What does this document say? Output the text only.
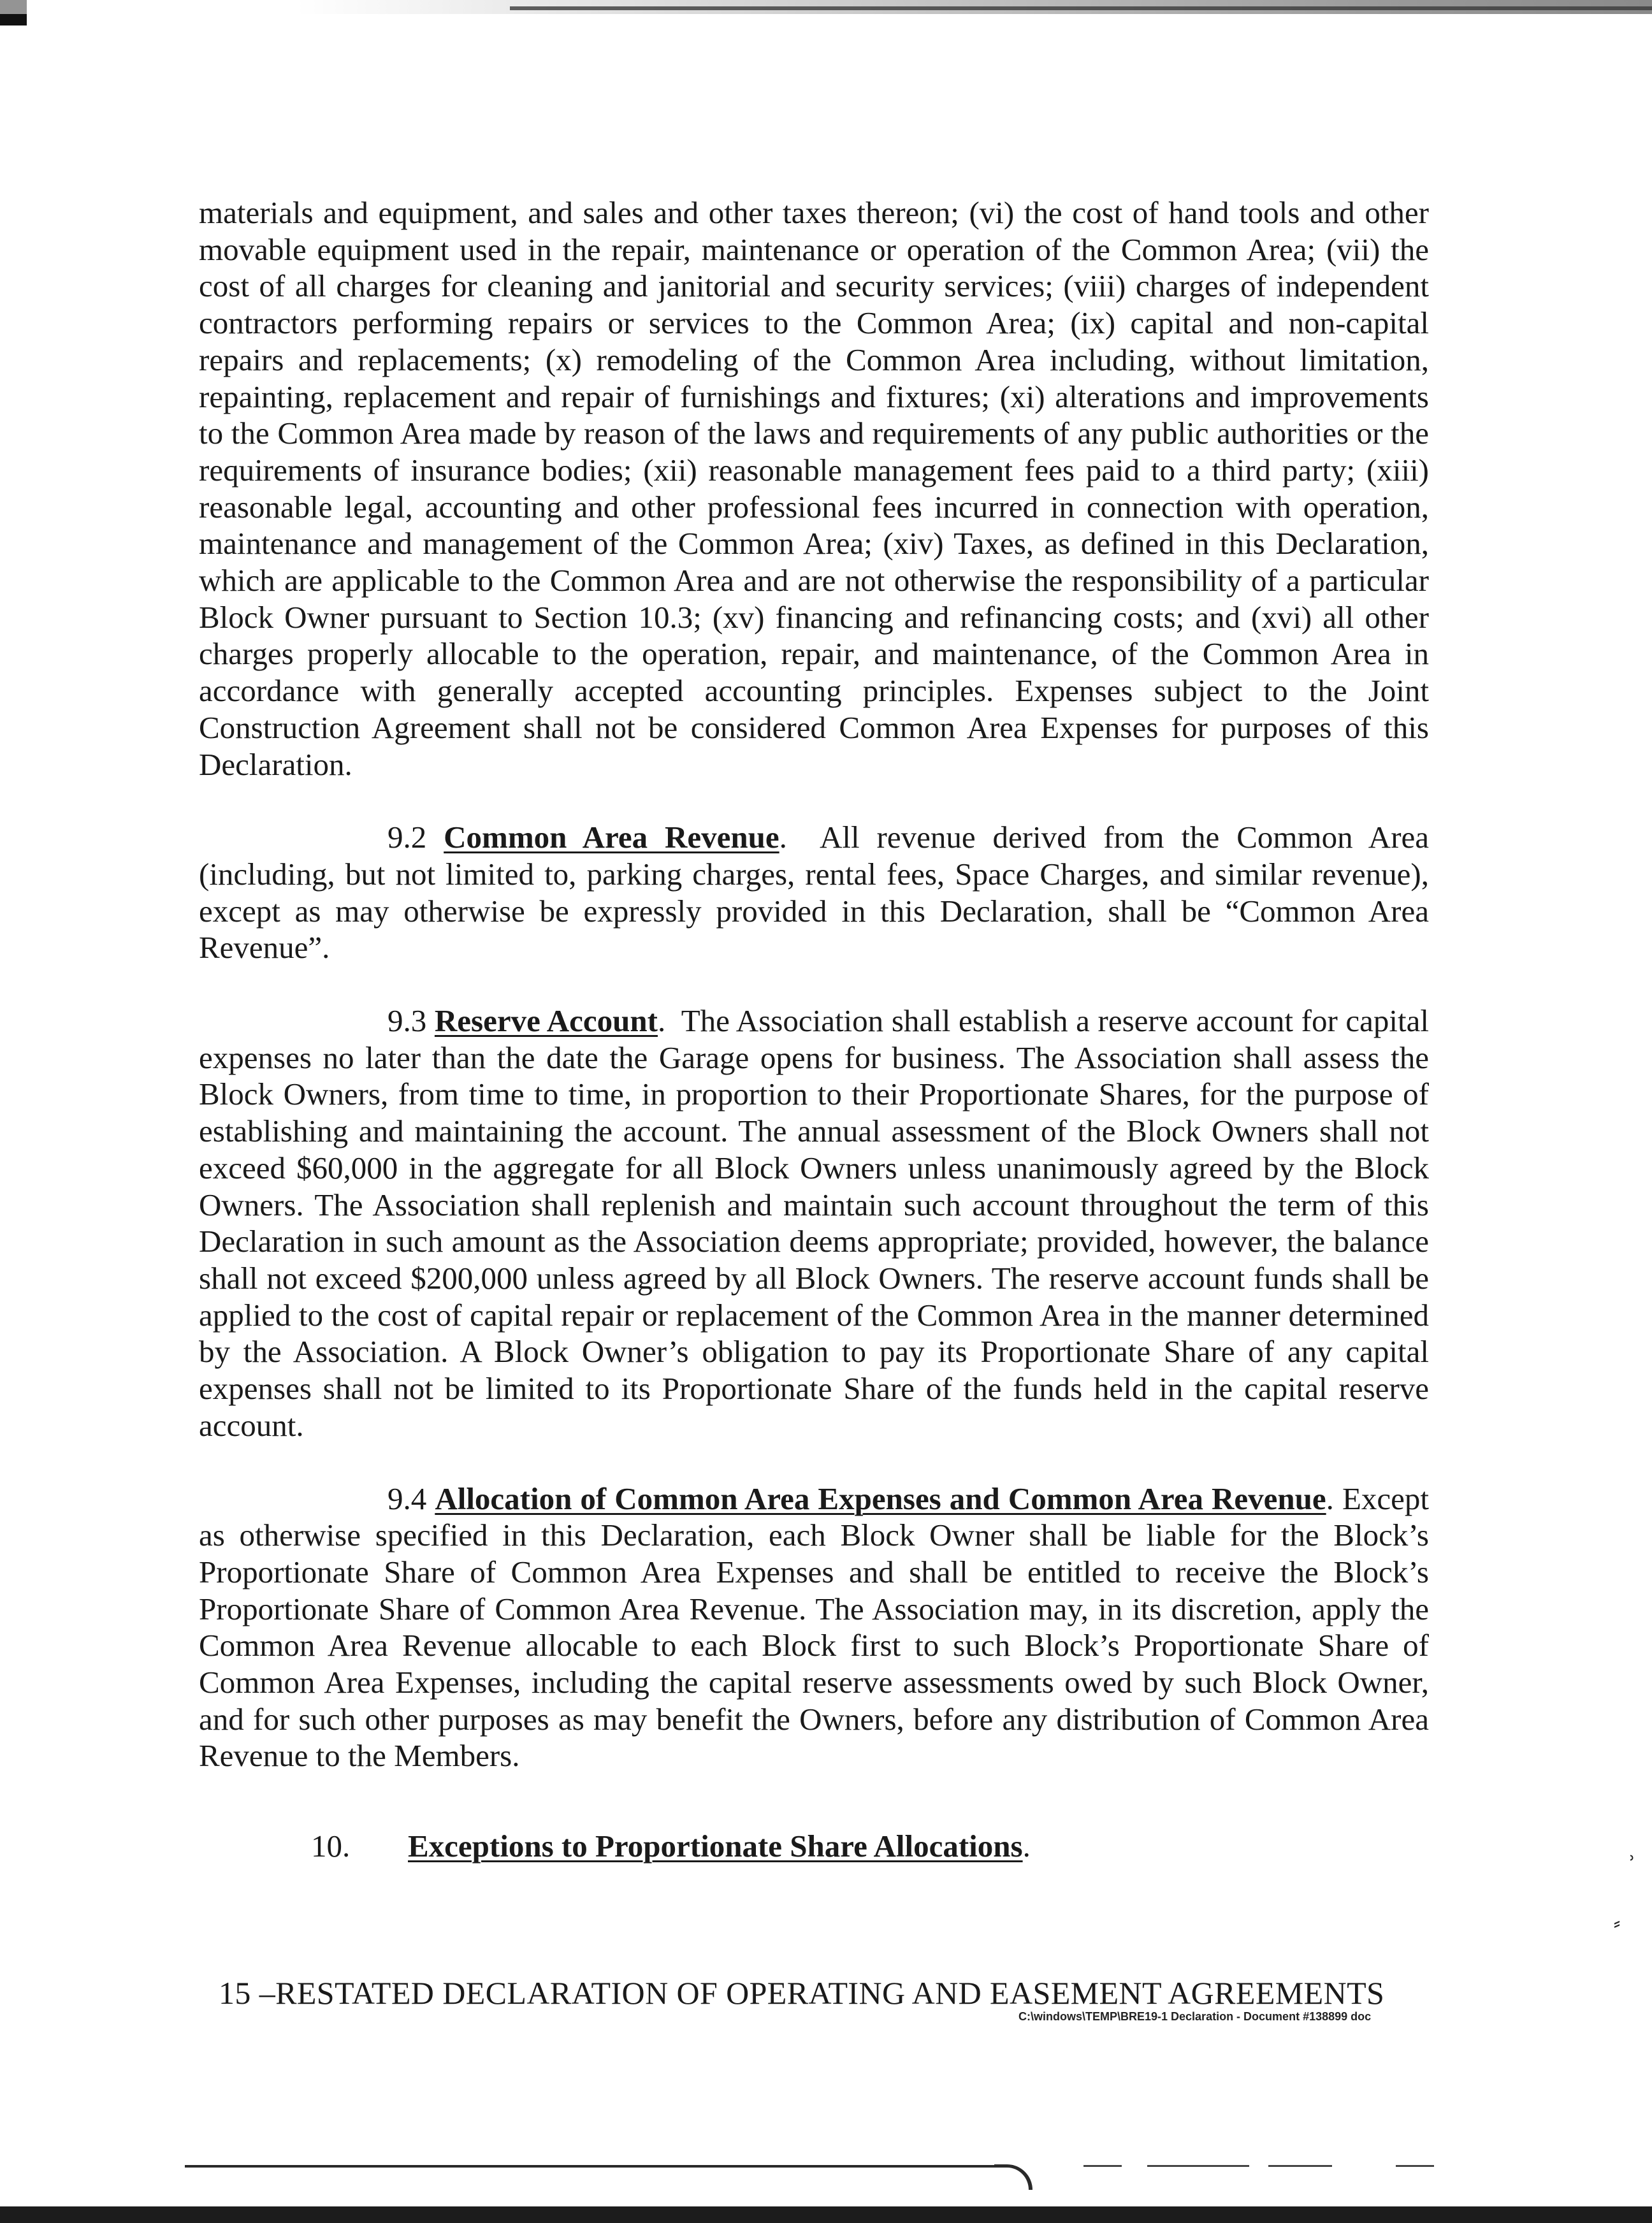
materials and equipment, and sales and other taxes thereon; (vi) the cost of hand tools and other movable equipment used in the repair, maintenance or operation of the Common Area; (vii) the cost of all charges for cleaning and janitorial and security services; (viii) charges of independent contractors performing repairs or services to the Common Area; (ix) capital and non-capital repairs and replacements; (x) remodeling of the Common Area including, without limitation, repainting, replacement and repair of furnishings and fixtures; (xi) alterations and improvements to the Common Area made by reason of the laws and requirements of any public authorities or the requirements of insurance bodies; (xii) reasonable management fees paid to a third party; (xiii) reasonable legal, accounting and other professional fees incurred in connection with operation, maintenance and management of the Common Area; (xiv) Taxes, as defined in this Declaration, which are applicable to the Common Area and are not otherwise the responsibility of a particular Block Owner pursuant to Section 10.3; (xv) financing and refinancing costs; and (xvi) all other charges properly allocable to the operation, repair, and maintenance, of the Common Area in accordance with generally accepted accounting principles. Expenses subject to the Joint Construction Agreement shall not be considered Common Area Expenses for purposes of this Declaration.

9.2 Common Area Revenue.  All revenue derived from the Common Area (including, but not limited to, parking charges, rental fees, Space Charges, and similar revenue), except as may otherwise be expressly provided in this Declaration, shall be “Common Area Revenue”.

9.3 Reserve Account.  The Association shall establish a reserve account for capital expenses no later than the date the Garage opens for business. The Association shall assess the Block Owners, from time to time, in proportion to their Proportionate Shares, for the purpose of establishing and maintaining the account. The annual assessment of the Block Owners shall not exceed $60,000 in the aggregate for all Block Owners unless unanimously agreed by the Block Owners. The Association shall replenish and maintain such account throughout the term of this Declaration in such amount as the Association deems appropriate; provided, however, the balance shall not exceed $200,000 unless agreed by all Block Owners. The reserve account funds shall be applied to the cost of capital repair or replacement of the Common Area in the manner determined by the Association. A Block Owner’s obligation to pay its Proportionate Share of any capital expenses shall not be limited to its Proportionate Share of the funds held in the capital reserve account.

9.4 Allocation of Common Area Expenses and Common Area Revenue. Except as otherwise specified in this Declaration, each Block Owner shall be liable for the Block’s Proportionate Share of Common Area Expenses and shall be entitled to receive the Block’s Proportionate Share of Common Area Revenue. The Association may, in its discretion, apply the Common Area Revenue allocable to each Block first to such Block’s Proportionate Share of Common Area Expenses, including the capital reserve assessments owed by such Block Owner, and for such other purposes as may benefit the Owners, before any distribution of Common Area Revenue to the Members.

10. Exceptions to Proportionate Share Allocations.
15 –RESTATED DECLARATION OF OPERATING AND EASEMENT AGREEMENTS
C:\windows\TEMP\BRE19-1 Declaration - Document #138899 doc
ʾ
⸗
